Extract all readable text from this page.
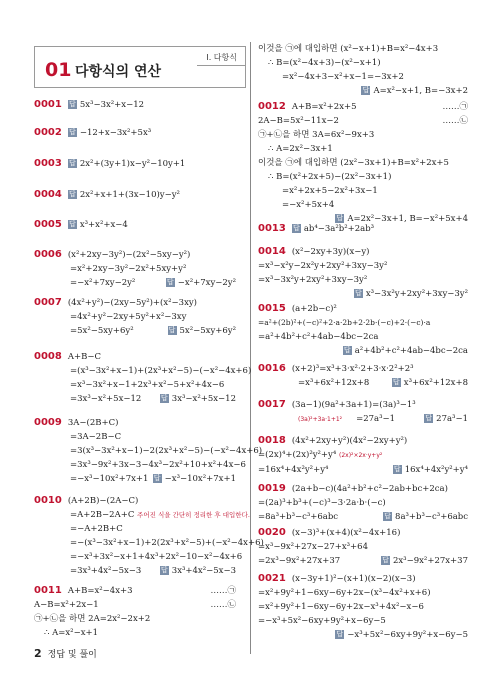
01 다항식의 연산
I. 다항식
0001 답 5x³−3x²+x−12
0002 답 −12+x−3x²+5x³
0003 답 2x²+(3y+1)x−y²−10y+1
0004 답 2x²+x+1+(3x−10)y−y²
0005 답 x³+x²+x−4
0006 (x²+2xy−3y²)−(2x²−5xy−y²)
=x²+2xy−3y²−2x²+5xy+y²
=−x²+7xy−2y²	답 −x²+7xy−2y²
0007 (4x²+y²)−(2xy−5y²)+(x²−3xy)
=4x²+y²−2xy+5y²+x²−3xy
=5x²−5xy+6y²	답 5x²−5xy+6y²
0008 A+B−C
=(x³−3x²+x−1)+(2x³+x²−5)−(−x²−4x+6)
=x³−3x²+x−1+2x³+x²−5+x²+4x−6
=3x³−x²+5x−12	답 3x³−x²+5x−12
0009 3A−(2B+C)
=3A−2B−C
=3(x³−3x²+x−1)−2(2x³+x²−5)−(−x²−4x+6)
=3x³−9x²+3x−3−4x³−2x²+10+x²+4x−6
=−x³−10x²+7x+1 답 −x³−10x²+7x+1
0010 (A+2B)−(2A−C)
=A+2B−2A+C 주어진 식을 간단히 정리한 후 대입한다.
=−A+2B+C
=−(x³−3x²+x−1)+2(2x³+x²−5)+(−x²−4x+6)
=−x³+3x²−x+1+4x³+2x²−10−x²−4x+6
=3x³+4x²−5x−3	답 3x³+4x²−5x−3
0011 A+B=x²−4x+3	……㉠
A−B=x²+2x−1	……㉡
㉠+㉡을 하면 2A=2x²−2x+2
∴ A=x²−x+1
이것을 ㉠에 대입하면 (x²−x+1)+B=x²−4x+3
∴ B=(x²−4x+3)−(x²−x+1)
=x²−4x+3−x²+x−1=−3x+2
답 A=x²−x+1, B=−3x+2
0012 A+B=x²+2x+5	……㉠
2A−B=5x²−11x−2	……㉡
㉠+㉡을 하면 3A=6x²−9x+3
∴ A=2x²−3x+1
이것을 ㉠에 대입하면 (2x²−3x+1)+B=x²+2x+5
∴ B=(x²+2x+5)−(2x²−3x+1)
=x²+2x+5−2x²+3x−1
=−x²+5x+4
답 A=2x²−3x+1, B=−x²+5x+4
0013 답 ab⁴−3a²b²+2ab³
0014 (x²−2xy+3y)(x−y)
=x³−x²y−2x²y+2xy²+3xy−3y²
=x³−3x²y+2xy²+3xy−3y²
답 x³−3x²y+2xy²+3xy−3y²
0015 (a+2b−c)²
=a²+(2b)²+(−c)²+2·a·2b+2·2b·(−c)+2·(−c)·a
=a²+4b²+c²+4ab−4bc−2ca
답 a²+4b²+c²+4ab−4bc−2ca
0016 (x+2)³=x³+3·x²·2+3·x·2²+2³
=x³+6x²+12x+8	답 x³+6x²+12x+8
0017 (3a−1)(9a²+3a+1)=(3a)³−1³
(3a)²+3a·1+1² =27a³−1	답 27a³−1
0018 (4x²+2xy+y²)(4x²−2xy+y²)
=(2x)⁴+(2x)²y²+y⁴ (2x)²×2x·y+y²
=16x⁴+4x²y²+y⁴	답 16x⁴+4x²y²+y⁴
0019 (2a+b−c)(4a²+b²+c²−2ab+bc+2ca)
=(2a)³+b³+(−c)³−3·2a·b·(−c)
=8a³+b³−c³+6abc	답 8a³+b³−c³+6abc
0020 (x−3)³+(x+4)(x²−4x+16)
=x³−9x²+27x−27+x³+64
=2x³−9x²+27x+37	답 2x³−9x²+27x+37
0021 (x−3y+1)²−(x+1)(x−2)(x−3)
=x²+9y²+1−6xy−6y+2x−(x³−4x²+x+6)
=x²+9y²+1−6xy−6y+2x−x³+4x²−x−6
=−x³+5x²−6xy+9y²+x−6y−5
답 −x³+5x²−6xy+9y²+x−6y−5
2 정답 및 풀이
